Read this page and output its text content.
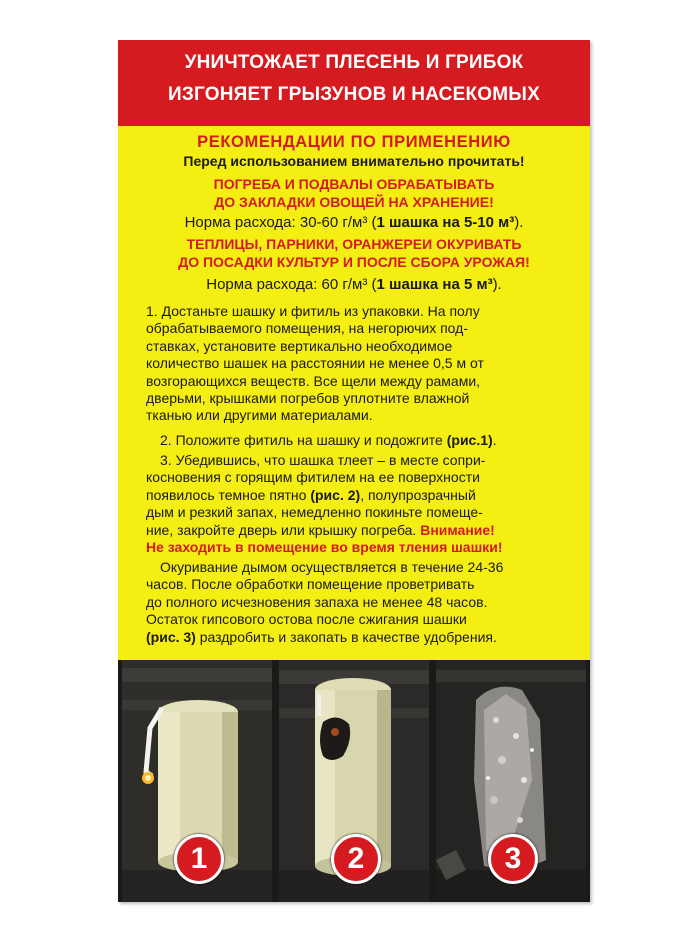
УНИЧТОЖАЕТ ПЛЕСЕНЬ И ГРИБОК
ИЗГОНЯЕТ ГРЫЗУНОВ И НАСЕКОМЫХ
РЕКОМЕНДАЦИИ ПО ПРИМЕНЕНИЮ
Перед использованием внимательно прочитать!
ПОГРЕБА И ПОДВАЛЫ ОБРАБАТЫВАТЬ
ДО ЗАКЛАДКИ ОВОЩЕЙ НА ХРАНЕНИЕ!
Норма расхода: 30-60 г/м³ (1 шашка на 5-10 м³).
ТЕПЛИЦЫ, ПАРНИКИ, ОРАНЖЕРЕИ ОКУРИВАТЬ
ДО ПОСАДКИ КУЛЬТУР И ПОСЛЕ СБОРА УРОЖАЯ!
Норма расхода: 60 г/м³ (1 шашка на 5 м³).
1. Достаньте шашку и фитиль из упаковки. На полу
обрабатываемого помещения, на негорючих под-
ставках, установите вертикально необходимое
количество шашек на расстоянии не менее 0,5 м от
возгорающихся веществ. Все щели между рамами,
дверьми, крышками погребов уплотните влажной
тканью или другими материалами.
2. Положите фитиль на шашку и подожгите (рис.1).
3. Убедившись, что шашка тлеет – в месте сопри-
косновения с горящим фитилем на ее поверхности
появилось темное пятно (рис. 2), полупрозрачный
дым и резкий запах, немедленно покиньте помеще-
ние, закройте дверь или крышку погреба. Внимание!
Не заходить в помещение во время тления шашки!
Окуривание дымом осуществляется в течение 24-36
часов. После обработки помещение проветривать
до полного исчезновения запаха не менее 48 часов.
Остаток гипсового остова после сжигания шашки
(рис. 3) раздробить и закопать в качестве удобрения.
1	2	3
